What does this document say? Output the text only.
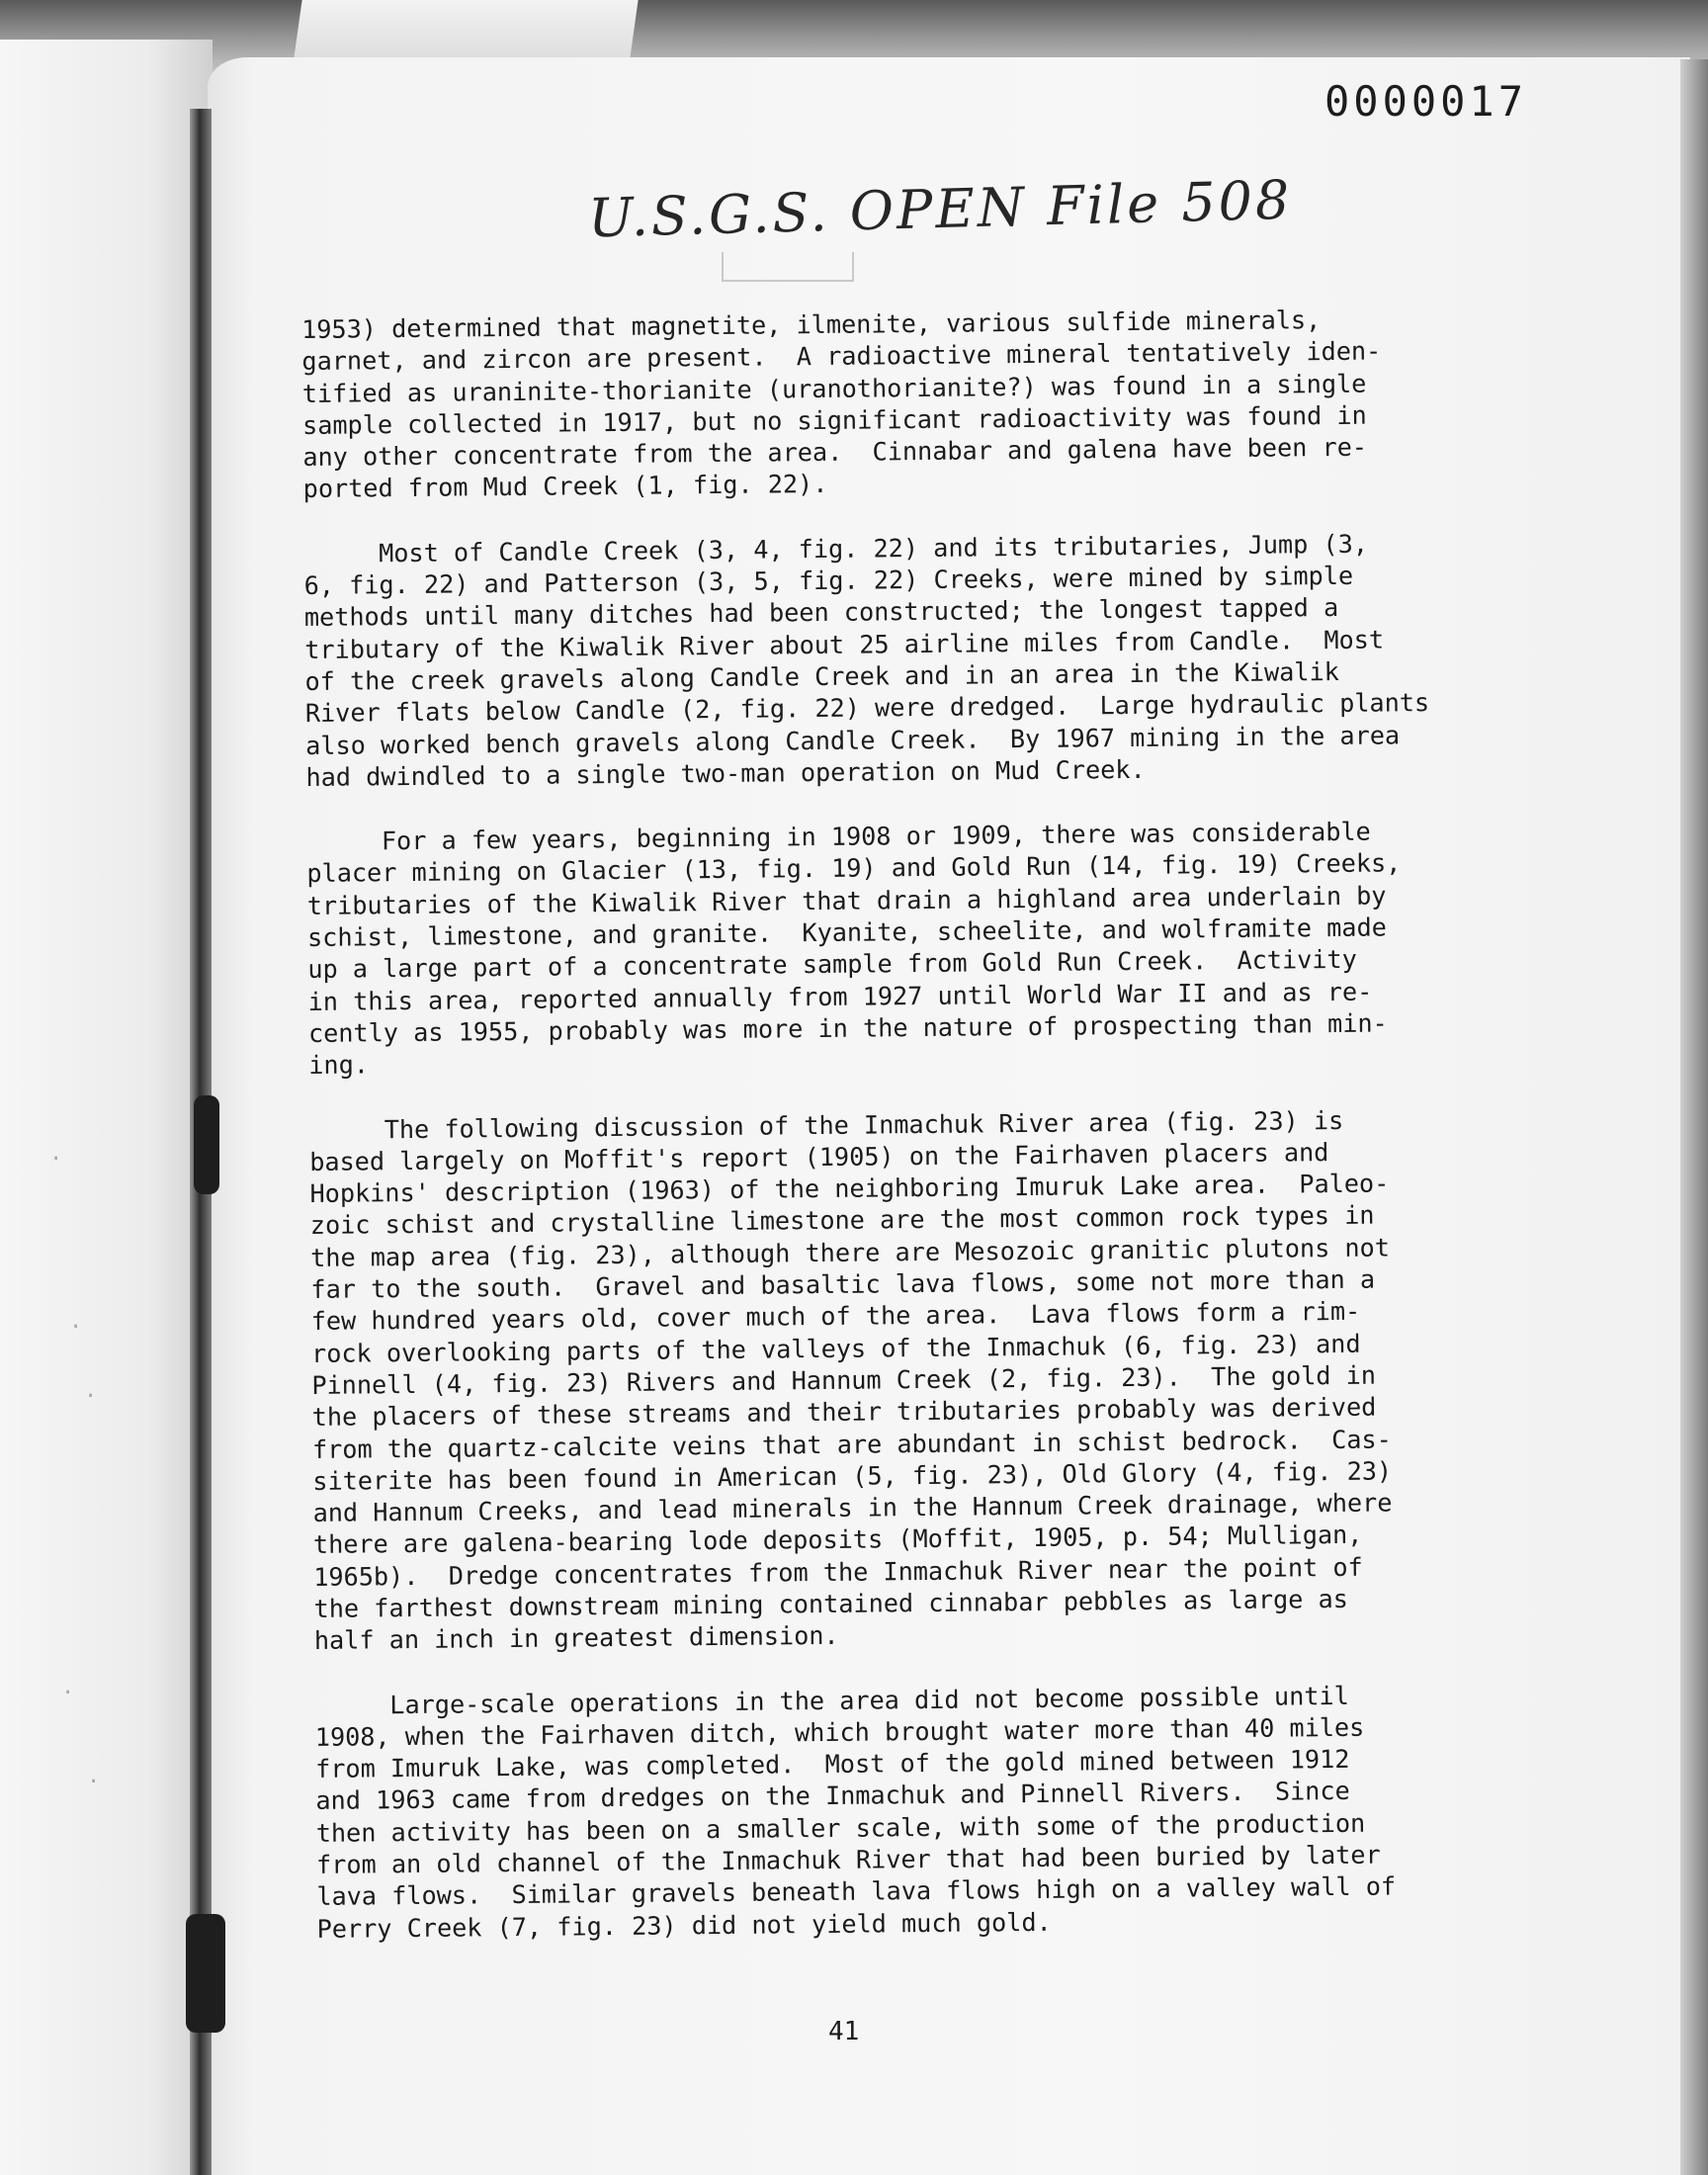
·
·
·
·
·
0000017
U.S.G.S. OPEN File 508
1953) determined that magnetite, ilmenite, various sulfide minerals,
garnet, and zircon are present.  A radioactive mineral tentatively iden-
tified as uraninite-thorianite (uranothorianite?) was found in a single
sample collected in 1917, but no significant radioactivity was found in
any other concentrate from the area.  Cinnabar and galena have been re-
ported from Mud Creek (1, fig. 22).
Most of Candle Creek (3, 4, fig. 22) and its tributaries, Jump (3,
6, fig. 22) and Patterson (3, 5, fig. 22) Creeks, were mined by simple
methods until many ditches had been constructed; the longest tapped a
tributary of the Kiwalik River about 25 airline miles from Candle.  Most
of the creek gravels along Candle Creek and in an area in the Kiwalik
River flats below Candle (2, fig. 22) were dredged.  Large hydraulic plants
also worked bench gravels along Candle Creek.  By 1967 mining in the area
had dwindled to a single two-man operation on Mud Creek.
For a few years, beginning in 1908 or 1909, there was considerable
placer mining on Glacier (13, fig. 19) and Gold Run (14, fig. 19) Creeks,
tributaries of the Kiwalik River that drain a highland area underlain by
schist, limestone, and granite.  Kyanite, scheelite, and wolframite made
up a large part of a concentrate sample from Gold Run Creek.  Activity
in this area, reported annually from 1927 until World War II and as re-
cently as 1955, probably was more in the nature of prospecting than min-
ing.
The following discussion of the Inmachuk River area (fig. 23) is
based largely on Moffit's report (1905) on the Fairhaven placers and
Hopkins' description (1963) of the neighboring Imuruk Lake area.  Paleo-
zoic schist and crystalline limestone are the most common rock types in
the map area (fig. 23), although there are Mesozoic granitic plutons not
far to the south.  Gravel and basaltic lava flows, some not more than a
few hundred years old, cover much of the area.  Lava flows form a rim-
rock overlooking parts of the valleys of the Inmachuk (6, fig. 23) and
Pinnell (4, fig. 23) Rivers and Hannum Creek (2, fig. 23).  The gold in
the placers of these streams and their tributaries probably was derived
from the quartz-calcite veins that are abundant in schist bedrock.  Cas-
siterite has been found in American (5, fig. 23), Old Glory (4, fig. 23)
and Hannum Creeks, and lead minerals in the Hannum Creek drainage, where
there are galena-bearing lode deposits (Moffit, 1905, p. 54; Mulligan,
1965b).  Dredge concentrates from the Inmachuk River near the point of
the farthest downstream mining contained cinnabar pebbles as large as
half an inch in greatest dimension.
Large-scale operations in the area did not become possible until
1908, when the Fairhaven ditch, which brought water more than 40 miles
from Imuruk Lake, was completed.  Most of the gold mined between 1912
and 1963 came from dredges on the Inmachuk and Pinnell Rivers.  Since
then activity has been on a smaller scale, with some of the production
from an old channel of the Inmachuk River that had been buried by later
lava flows.  Similar gravels beneath lava flows high on a valley wall of
Perry Creek (7, fig. 23) did not yield much gold.
41
